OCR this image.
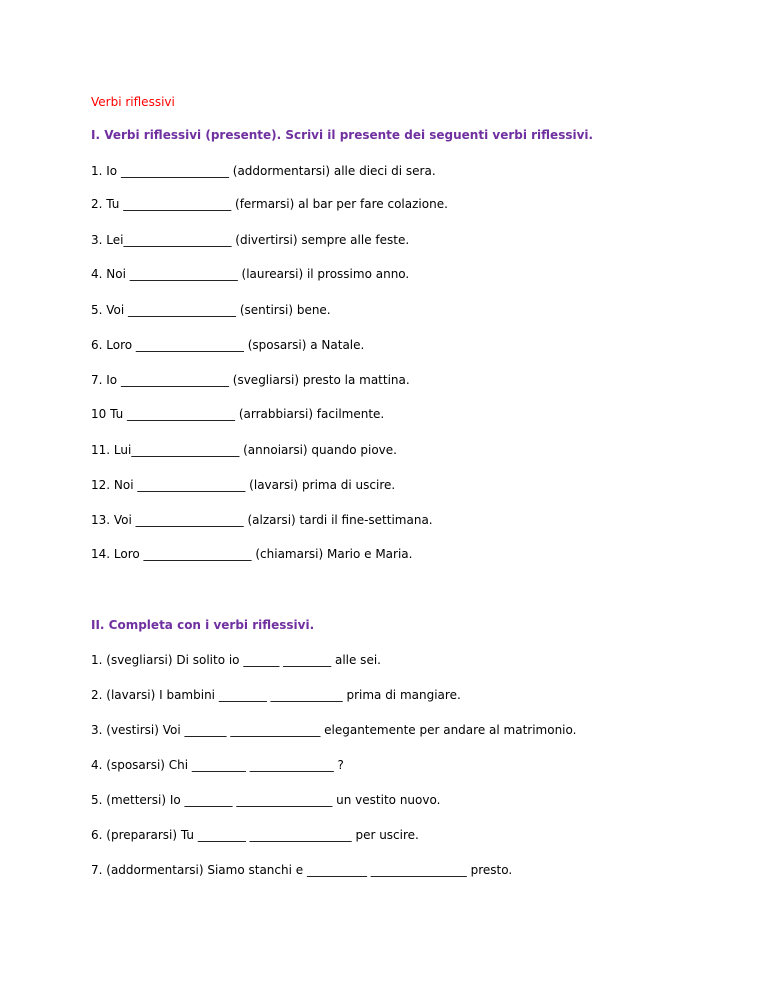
Verbi riflessivi
I. Verbi riflessivi (presente). Scrivi il presente dei seguenti verbi riflessivi.
1. Io __________________ (addormentarsi) alle dieci di sera.
2. Tu __________________ (fermarsi) al bar per fare colazione.
3. Lei__________________ (divertirsi) sempre alle feste.
4. Noi __________________ (laurearsi) il prossimo anno.
5. Voi __________________ (sentirsi) bene.
6. Loro __________________ (sposarsi) a Natale.
7. Io __________________ (svegliarsi) presto la mattina.
10 Tu __________________ (arrabbiarsi) facilmente.
11. Lui__________________ (annoiarsi) quando piove.
12. Noi __________________ (lavarsi) prima di uscire.
13. Voi __________________ (alzarsi) tardi il fine-settimana.
14. Loro __________________ (chiamarsi) Mario e Maria.
II. Completa con i verbi riflessivi.
1. (svegliarsi) Di solito io ______ ________ alle sei.
2. (lavarsi) I bambini ________ ____________ prima di mangiare.
3. (vestirsi) Voi _______ _______________ elegantemente per andare al matrimonio.
4. (sposarsi) Chi _________ ______________ ?
5. (mettersi) Io ________ ________________ un vestito nuovo.
6. (prepararsi) Tu ________ _________________ per uscire.
7. (addormentarsi) Siamo stanchi e __________ ________________ presto.
